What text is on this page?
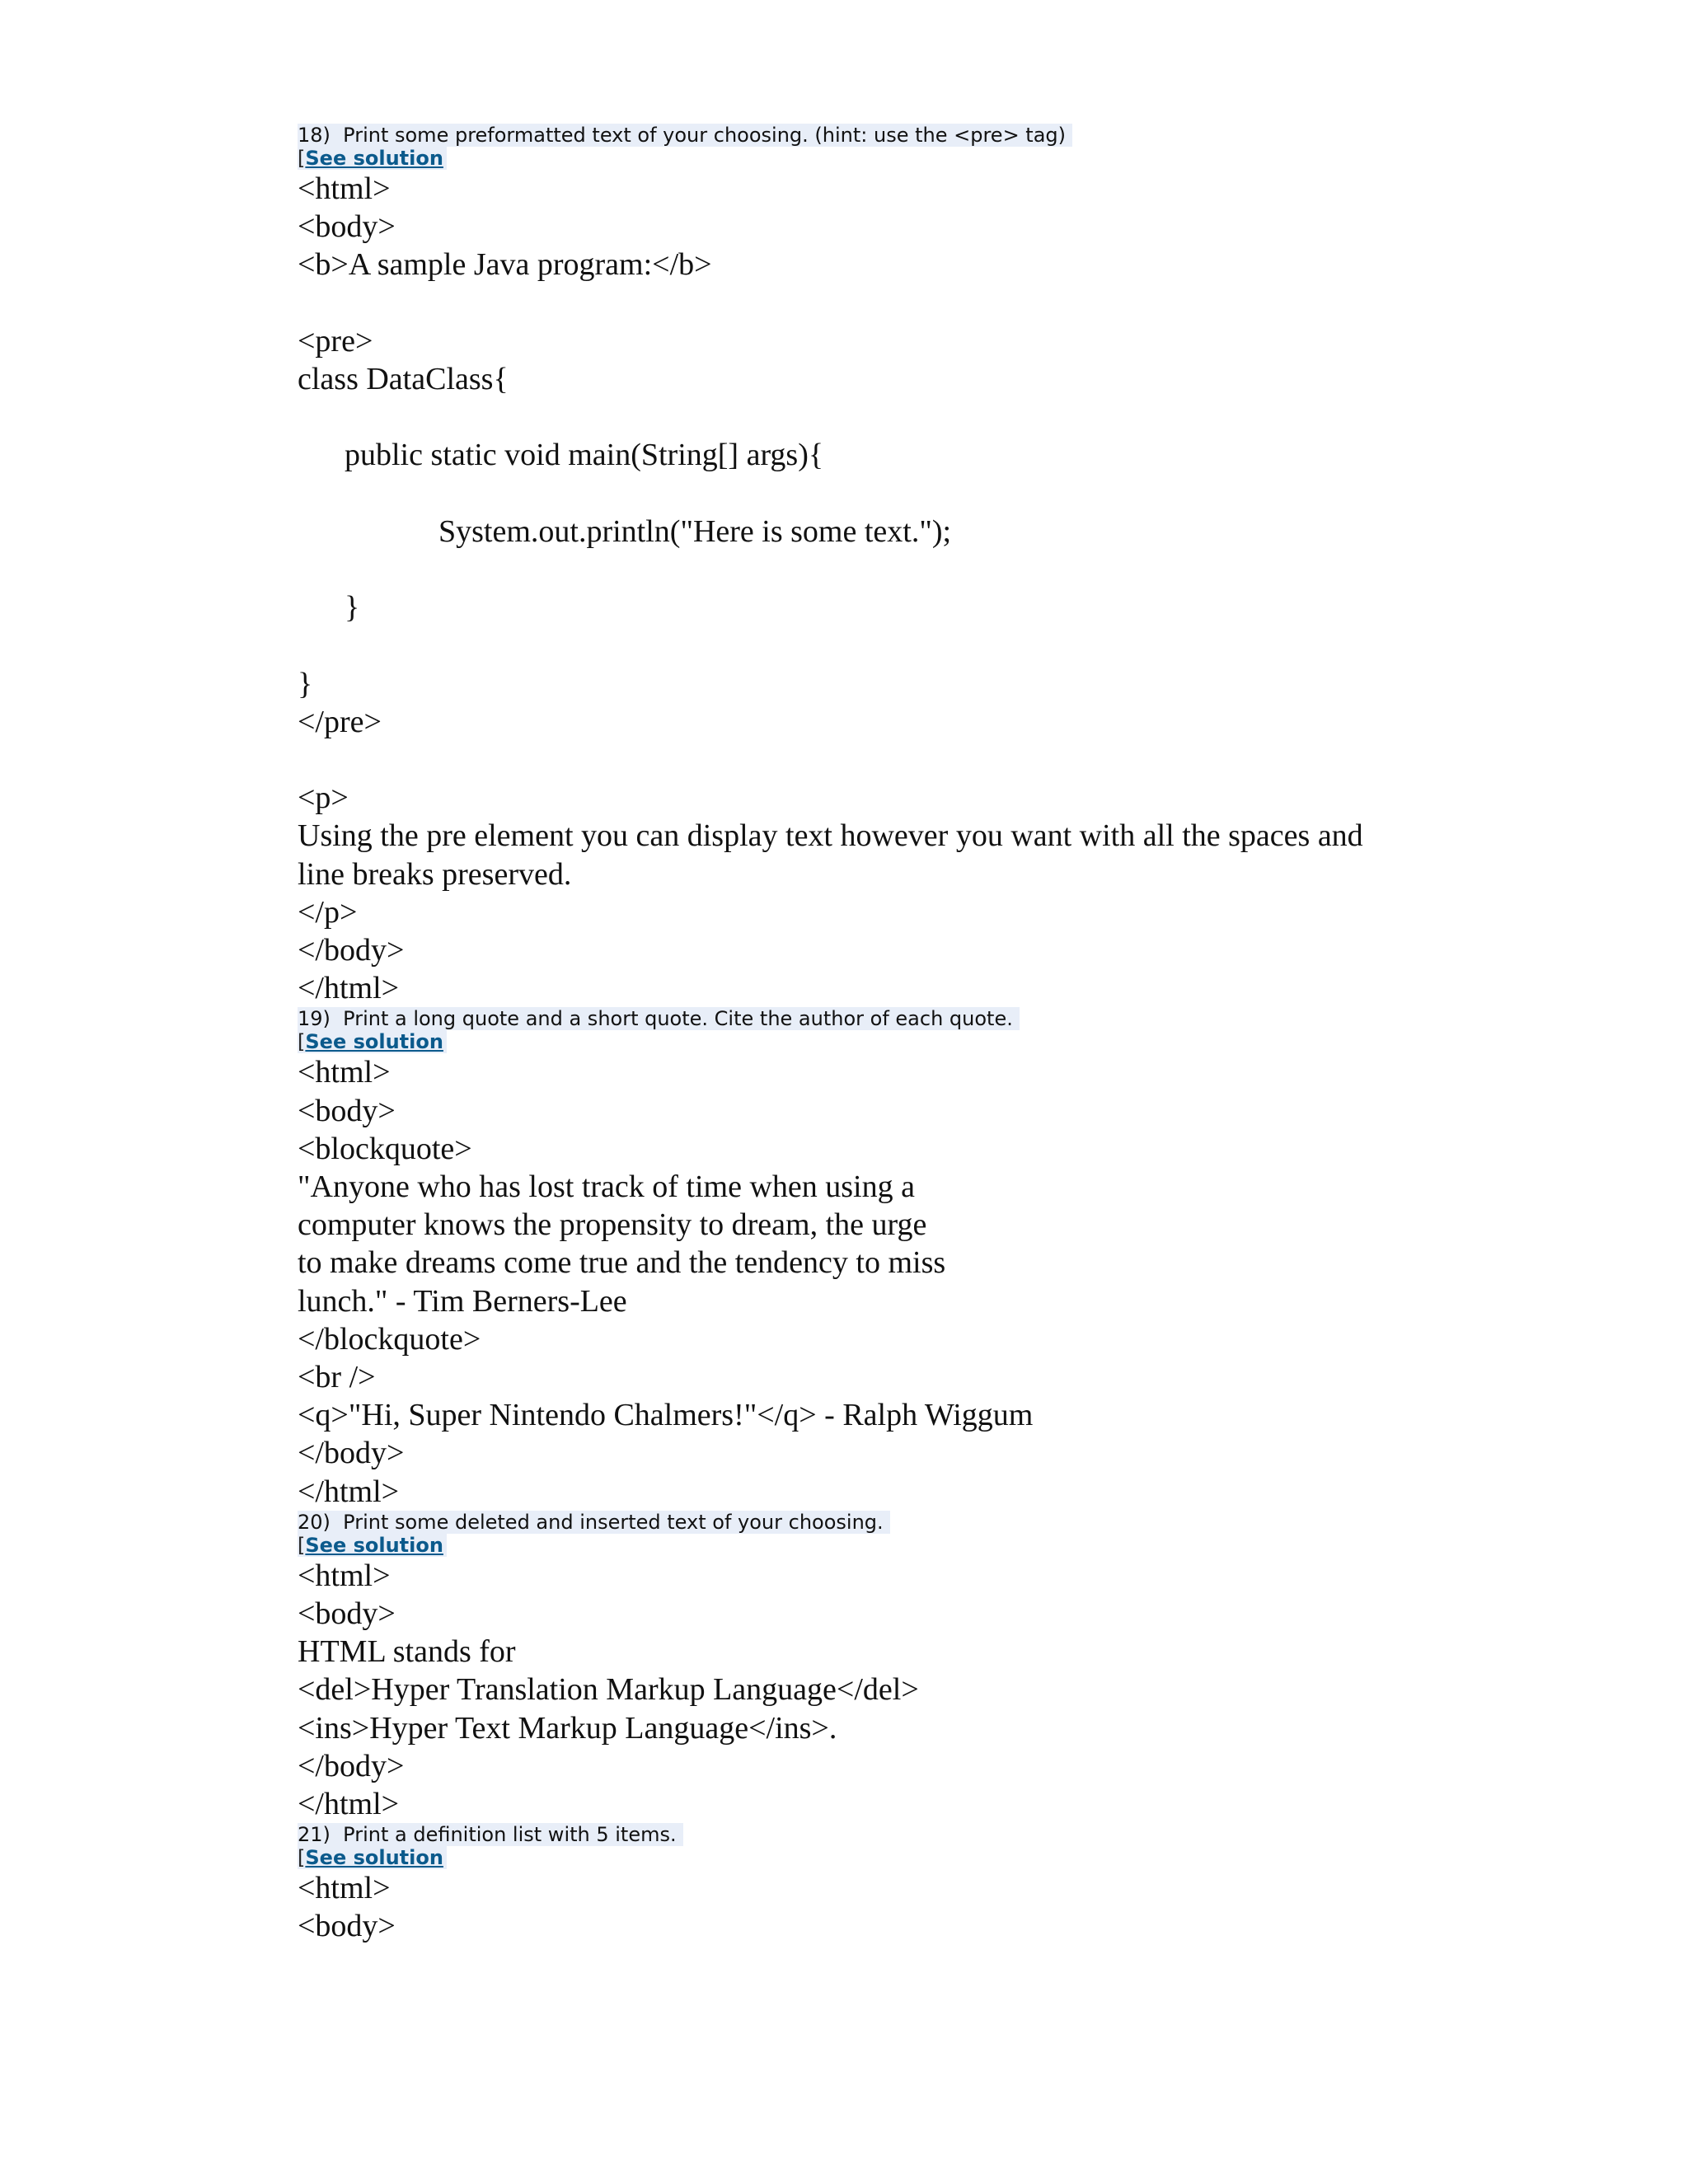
18)  Print some preformatted text of your choosing. (hint: use the <pre> tag)
[See solution
<html>
<body>
<b>A sample Java program:</b>
<pre>
class DataClass{
public static void main(String[] args){
System.out.println("Here is some text.");
}
}
</pre>
<p>
Using the pre element you can display text however you want with all the spaces and
line breaks preserved.
</p>
</body>
</html>
19)  Print a long quote and a short quote. Cite the author of each quote.
[See solution
<html>
<body>
<blockquote>
"Anyone who has lost track of time when using a
computer knows the propensity to dream, the urge
to make dreams come true and the tendency to miss
lunch." - Tim Berners-Lee
</blockquote>
<br />
<q>"Hi, Super Nintendo Chalmers!"</q> - Ralph Wiggum
</body>
</html>
20)  Print some deleted and inserted text of your choosing.
[See solution
<html>
<body>
HTML stands for
<del>Hyper Translation Markup Language</del>
<ins>Hyper Text Markup Language</ins>.
</body>
</html>
21)  Print a definition list with 5 items.
[See solution
<html>
<body>
